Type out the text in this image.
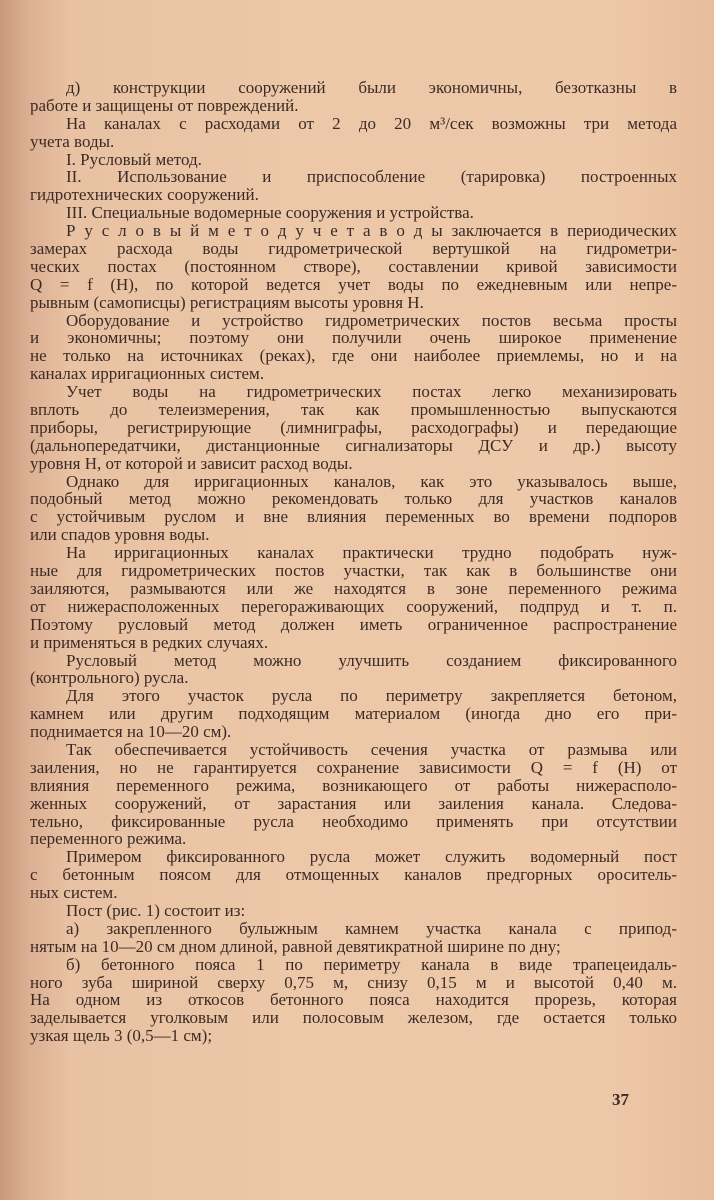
д) конструкции сооружений были экономичны, безотказны в
работе и защищены от повреждений.
На каналах с расходами от 2 до 20 м³/сек возможны три метода
учета воды.
I. Русловый метод.
II. Использование и приспособление (тарировка) построенных
гидротехнических сооружений.
III. Специальные водомерные сооружения и устройства.
Р у с л о в ы й м е т о д у ч е т а в о д ы заключается в периодических
замерах расхода воды гидрометрической вертушкой на гидрометри-
ческих постах (постоянном створе), составлении кривой зависимости
Q = f (H), по которой ведется учет воды по ежедневным или непре-
рывным (самописцы) регистрациям высоты уровня H.
Оборудование и устройство гидрометрических постов весьма просты
и экономичны; поэтому они получили очень широкое применение
не только на источниках (реках), где они наиболее приемлемы, но и на
каналах ирригационных систем.
Учет воды на гидрометрических постах легко механизировать
вплоть до телеизмерения, так как промышленностью выпускаются
приборы, регистрирующие (лимниграфы, расходографы) и передающие
(дальнопередатчики, дистанционные сигнализаторы ДСУ и др.) высоту
уровня H, от которой и зависит расход воды.
Однако для ирригационных каналов, как это указывалось выше,
подобный метод можно рекомендовать только для участков каналов
с устойчивым руслом и вне влияния переменных во времени подпоров
или спадов уровня воды.
На ирригационных каналах практически трудно подобрать нуж-
ные для гидрометрических постов участки, так как в большинстве они
заиляются, размываются или же находятся в зоне переменного режима
от нижерасположенных перегораживающих сооружений, подпруд и т. п.
Поэтому русловый метод должен иметь ограниченное распространение
и применяться в редких случаях.
Русловый метод можно улучшить созданием фиксированного
(контрольного) русла.
Для этого участок русла по периметру закрепляется бетоном,
камнем или другим подходящим материалом (иногда дно его при-
поднимается на 10—20 см).
Так обеспечивается устойчивость сечения участка от размыва или
заиления, но не гарантируется сохранение зависимости Q = f (H) от
влияния переменного режима, возникающего от работы нижерасполо-
женных сооружений, от зарастания или заиления канала. Следова-
тельно, фиксированные русла необходимо применять при отсутствии
переменного режима.
Примером фиксированного русла может служить водомерный пост
с бетонным поясом для отмощенных каналов предгорных ороситель-
ных систем.
Пост (рис. 1) состоит из:
а) закрепленного булыжным камнем участка канала с припод-
нятым на 10—20 см дном длиной, равной девятикратной ширине по дну;
б) бетонного пояса 1 по периметру канала в виде трапецеидаль-
ного зуба шириной сверху 0,75 м, снизу 0,15 м и высотой 0,40 м.
На одном из откосов бетонного пояса находится прорезь, которая
заделывается уголковым или полосовым железом, где остается только
узкая щель 3 (0,5—1 см);
37
